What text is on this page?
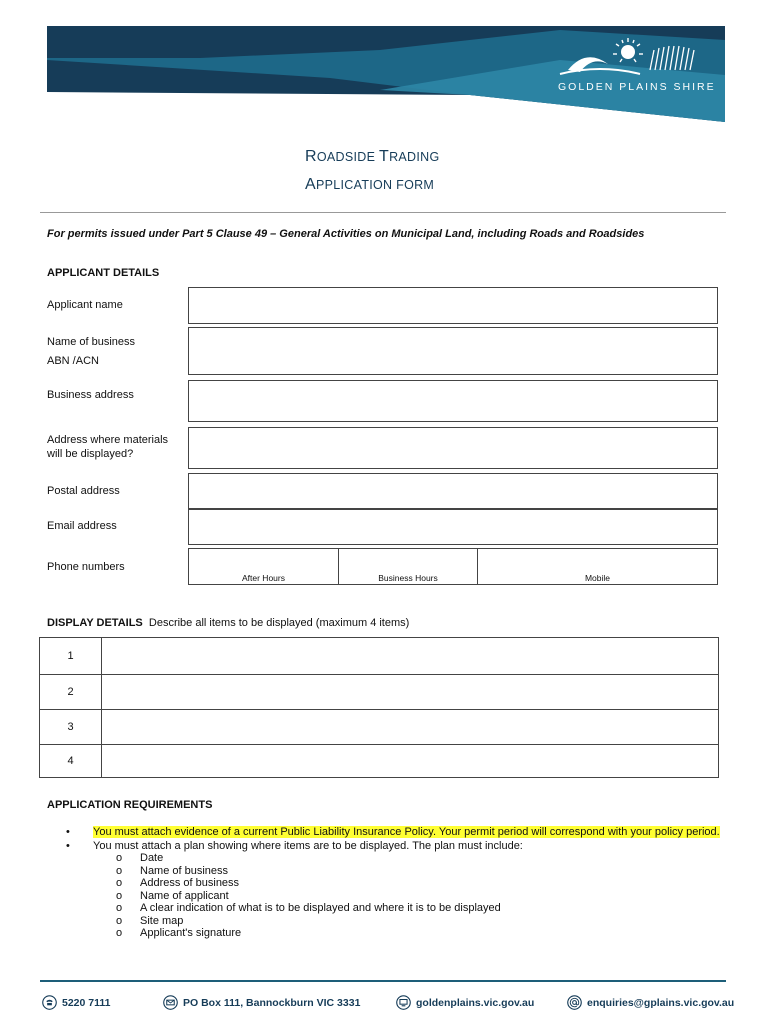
GOLDEN PLAINS SHIRE
ROADSIDE TRADING
APPLICATION FORM
For permits issued under Part 5 Clause 49 – General Activities on Municipal Land, including Roads and Roadsides
APPLICANT DETAILS
Applicant name
Name of business
ABN /ACN
Business address
Address where materials
will be displayed?
Postal address
Email address
Phone numbers
After Hours	Business Hours	Mobile
DISPLAY DETAILS Describe all items to be displayed (maximum 4 items)
1
2
3
4
APPLICATION REQUIREMENTS
• You must attach evidence of a current Public Liability Insurance Policy. Your permit period will correspond with your policy period.
• You must attach a plan showing where items are to be displayed. The plan must include:
o Date
o Name of business
o Address of business
o Name of applicant
o A clear indication of what is to be displayed and where it is to be displayed
o Site map
o Applicant's signature
5220 7111	PO Box 111, Bannockburn VIC 3331	goldenplains.vic.gov.au	enquiries@gplains.vic.gov.au
